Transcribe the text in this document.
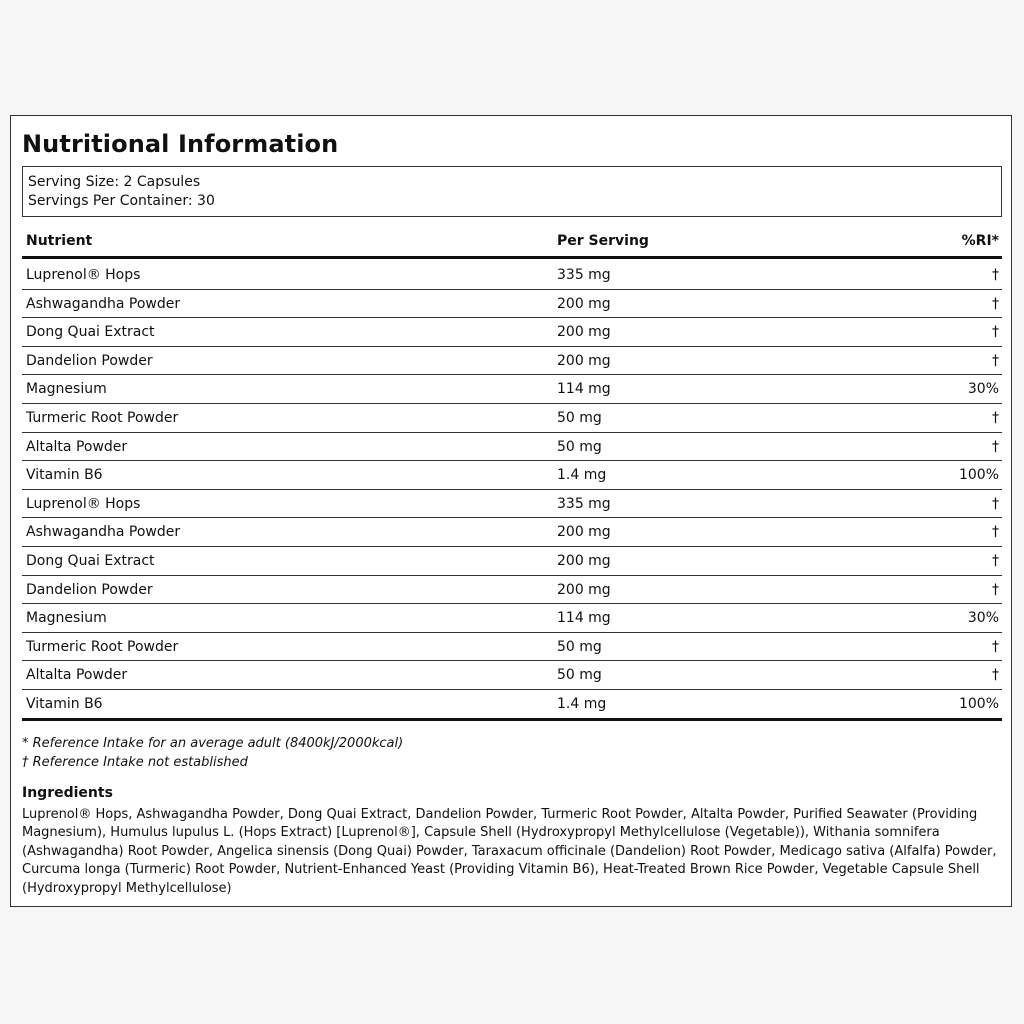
Nutritional Information
Serving Size: 2 Capsules
Servings Per Container: 30
Nutrient	Per Serving	%RI*
Luprenol® Hops	335 mg	†
Ashwagandha Powder	200 mg	†
Dong Quai Extract	200 mg	†
Dandelion Powder	200 mg	†
Magnesium	114 mg	30%
Turmeric Root Powder	50 mg	†
Altalta Powder	50 mg	†
Vitamin B6	1.4 mg	100%
Luprenol® Hops	335 mg	†
Ashwagandha Powder	200 mg	†
Dong Quai Extract	200 mg	†
Dandelion Powder	200 mg	†
Magnesium	114 mg	30%
Turmeric Root Powder	50 mg	†
Altalta Powder	50 mg	†
Vitamin B6	1.4 mg	100%
* Reference Intake for an average adult (8400kJ/2000kcal)
† Reference Intake not established
Ingredients
Luprenol® Hops, Ashwagandha Powder, Dong Quai Extract, Dandelion Powder, Turmeric Root Powder, Altalta Powder, Purified Seawater (Providing Magnesium), Humulus lupulus L. (Hops Extract) [Luprenol®], Capsule Shell (Hydroxypropyl Methylcellulose (Vegetable)), Withania somnifera (Ashwagandha) Root Powder, Angelica sinensis (Dong Quai) Powder, Taraxacum officinale (Dandelion) Root Powder, Medicago sativa (Alfalfa) Powder, Curcuma longa (Turmeric) Root Powder, Nutrient-Enhanced Yeast (Providing Vitamin B6), Heat-Treated Brown Rice Powder, Vegetable Capsule Shell (Hydroxypropyl Methylcellulose)
